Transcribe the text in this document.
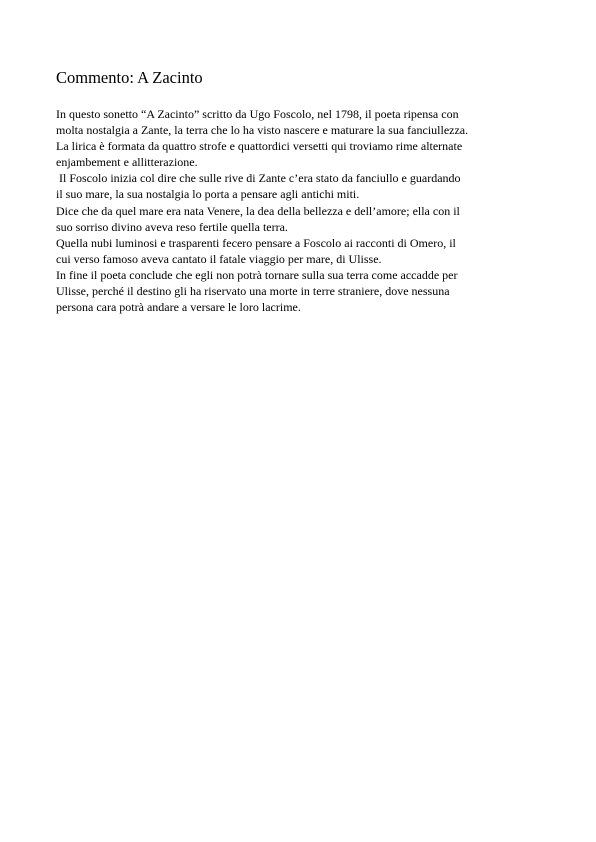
Commento: A Zacinto

In questo sonetto “A Zacinto” scritto da Ugo Foscolo, nel 1798, il poeta ripensa con
molta nostalgia a Zante, la terra che lo ha visto nascere e maturare la sua fanciullezza.
La lirica è formata da quattro strofe e quattordici versetti qui troviamo rime alternate
enjambement e allitterazione.
Il Foscolo inizia col dire che sulle rive di Zante c’era stato da fanciullo e guardando
il suo mare, la sua nostalgia lo porta a pensare agli antichi miti.
Dice che da quel mare era nata Venere, la dea della bellezza e dell’amore; ella con il
suo sorriso divino aveva reso fertile quella terra.
Quella nubi luminosi e trasparenti fecero pensare a Foscolo ai racconti di Omero, il
cui verso famoso aveva cantato il fatale viaggio per mare, di Ulisse.
In fine il poeta conclude che egli non potrà tornare sulla sua terra come accadde per
Ulisse, perché il destino gli ha riservato una morte in terre straniere, dove nessuna
persona cara potrà andare a versare le loro lacrime.
